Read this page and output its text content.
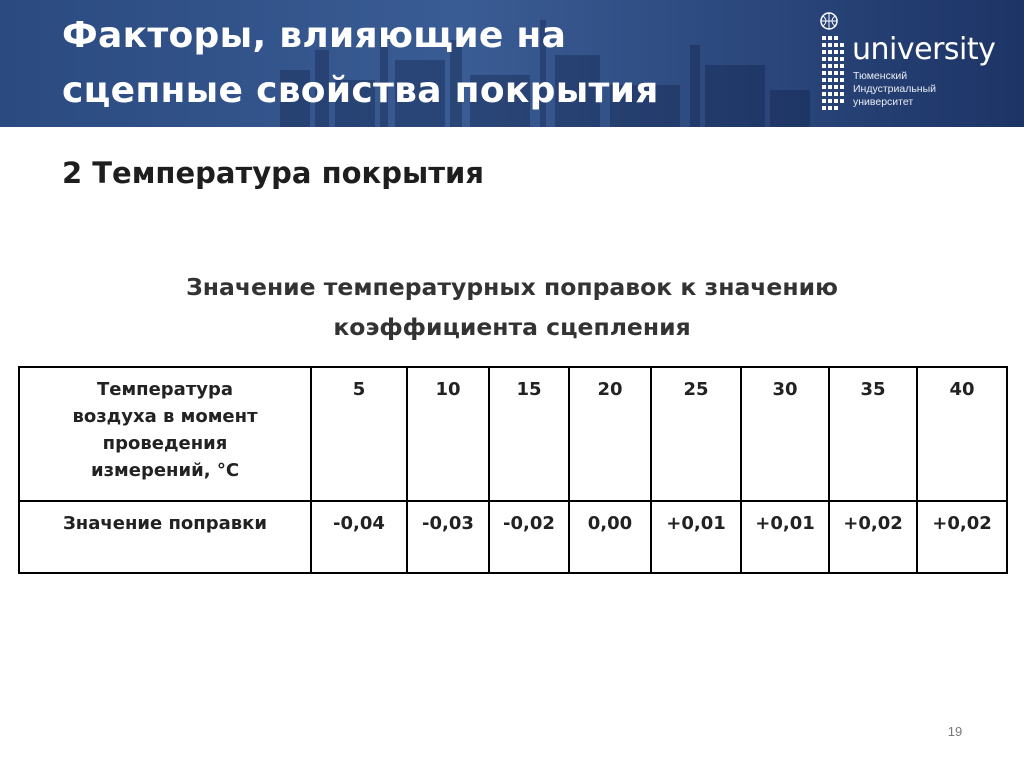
Факторы, влияющие на
сцепные свойства покрытия
university
Тюменский
Индустриальный
университет
2 Температура покрытия
Значение температурных поправок к значению
коэффициента сцепления
Температура
воздуха в момент
проведения
измерений, °C	5	10	15	20	25	30	35	40
Значение поправки	-0,04	-0,03	-0,02	0,00	+0,01	+0,01	+0,02	+0,02
19
